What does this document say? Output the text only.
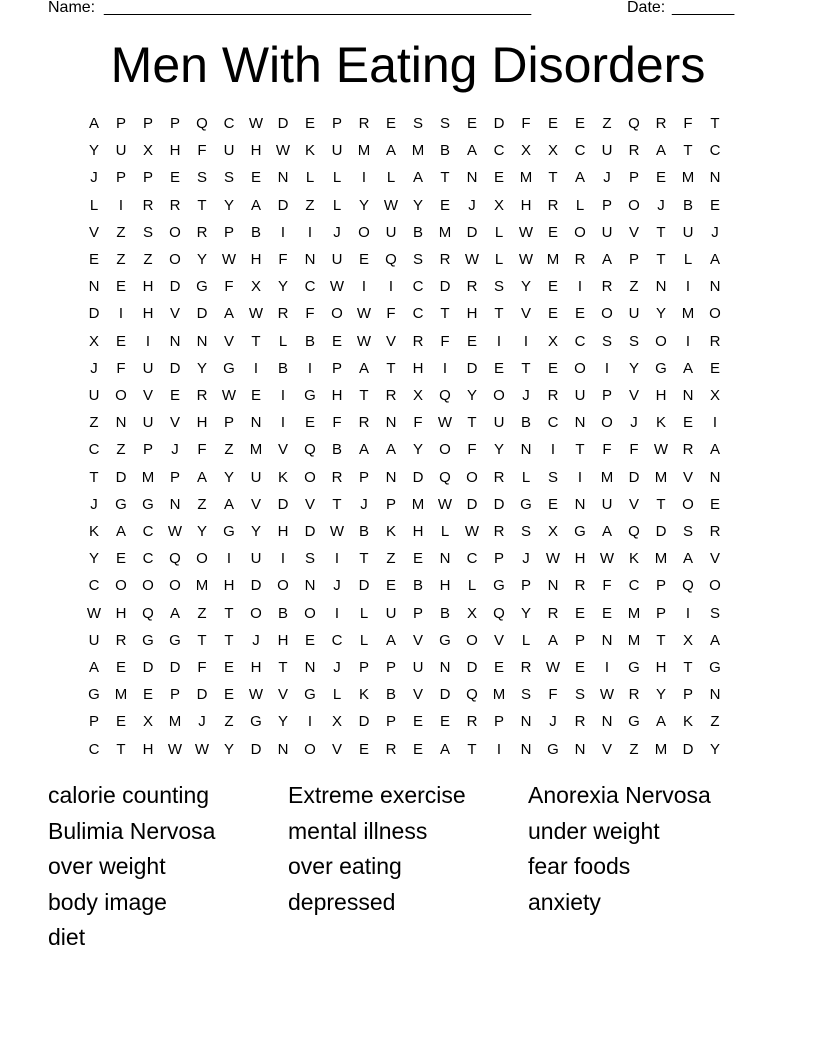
Name: ________________________________________________	Date: _______
Men With Eating Disorders
A	P	P	P	Q	C W D	E	P	R	E	S	S	E	D	F	E	E	Z	Q	R	F	T
Y	U	X	H	F	U	H W K	U	M	A	M	B	A	C	X	X	C	U	R	A	T	C
J	P	P	E	S	S	E	N	L	L	I	L	A	T	N	E	M	T	A	J	P	E	M	N
L	I	R	R	T	Y	A	D	Z	L	Y W Y	E	J	X	H	R	L	P	O	J	B	E
V	Z	S	O	R	P	B	I	I	J	O	U	B	M	D	L	W E	O	U	V	T	U	J
E	Z	Z	O	Y W H	F	N	U	E	Q	S	R W	L	W M	R	A	P	T	L	A
N	E	H	D	G	F	X	Y	C W	I	I	C	D	R	S	Y	E	I	R	Z	N	I	N
D	I	H	V	D	A W R	F	O W	F	C	T	H	T	V	E	E	O	U	Y	M O
X	E	I	N	N	V	T	L	B	E W V	R	F	E	I	I	X	C	S	S	O	I	R
J	F	U	D	Y	G	I	B	I	P	A	T	H	I	D	E	T	E	O	I	Y	G	A	E
U	O	V	E	R W E	I	G	H	T	R	X	Q	Y	O	J	R	U	P	V	H	N	X
Z	N	U	V	H	P	N	I	E	F	R	N	F	W	T	U	B	C	N	O	J	K	E	I
C	Z	P	J	F	Z	M	V	Q	B	A	A	Y	O	F	Y	N	I	T	F	F	W R	A
T	D	M	P	A	Y	U	K	O	R	P	N	D	Q O	R	L	S	I	M	D	M	V	N
J	G G	N	Z	A	V	D	V	T	J	P	M W D	D	G	E	N	U	V	T	O	E
K	A	C W Y	G	Y	H	D W B	K	H	L	W R	S	X	G	A	Q	D	S	R
Y	E	C	Q O	I	U	I	S	I	T	Z	E	N	C	P	J	W H W K	M	A	V
C	O O O M	H	D	O	N	J	D	E	B	H	L	G	P	N	R	F	C	P	Q O
W H	Q	A	Z	T	O	B	O	I	L	U	P	B	X	Q	Y	R	E	E	M	P	I	S
U	R	G G	T	T	J	H	E	C	L	A	V	G O	V	L	A	P	N	M	T	X	A
A	E	D	D	F	E	H	T	N	J	P	P	U	N	D	E	R W E	I	G	H	T	G
G M	E	P	D	E W V	G	L	K	B	V	D	Q M	S	F	S W R	Y	P	N
P	E	X	M	J	Z	G	Y	I	X	D	P	E	E	R	P	N	J	R	N	G	A	K	Z
C	T	H W W Y	D	N	O	V	E	R	E	A	T	I	N	G	N	V	Z	M	D	Y
calorie counting	Extreme exercise	Anorexia Nervosa
Bulimia Nervosa	mental illness	under weight
over weight	over eating	fear foods
body image	depressed	anxiety
diet
